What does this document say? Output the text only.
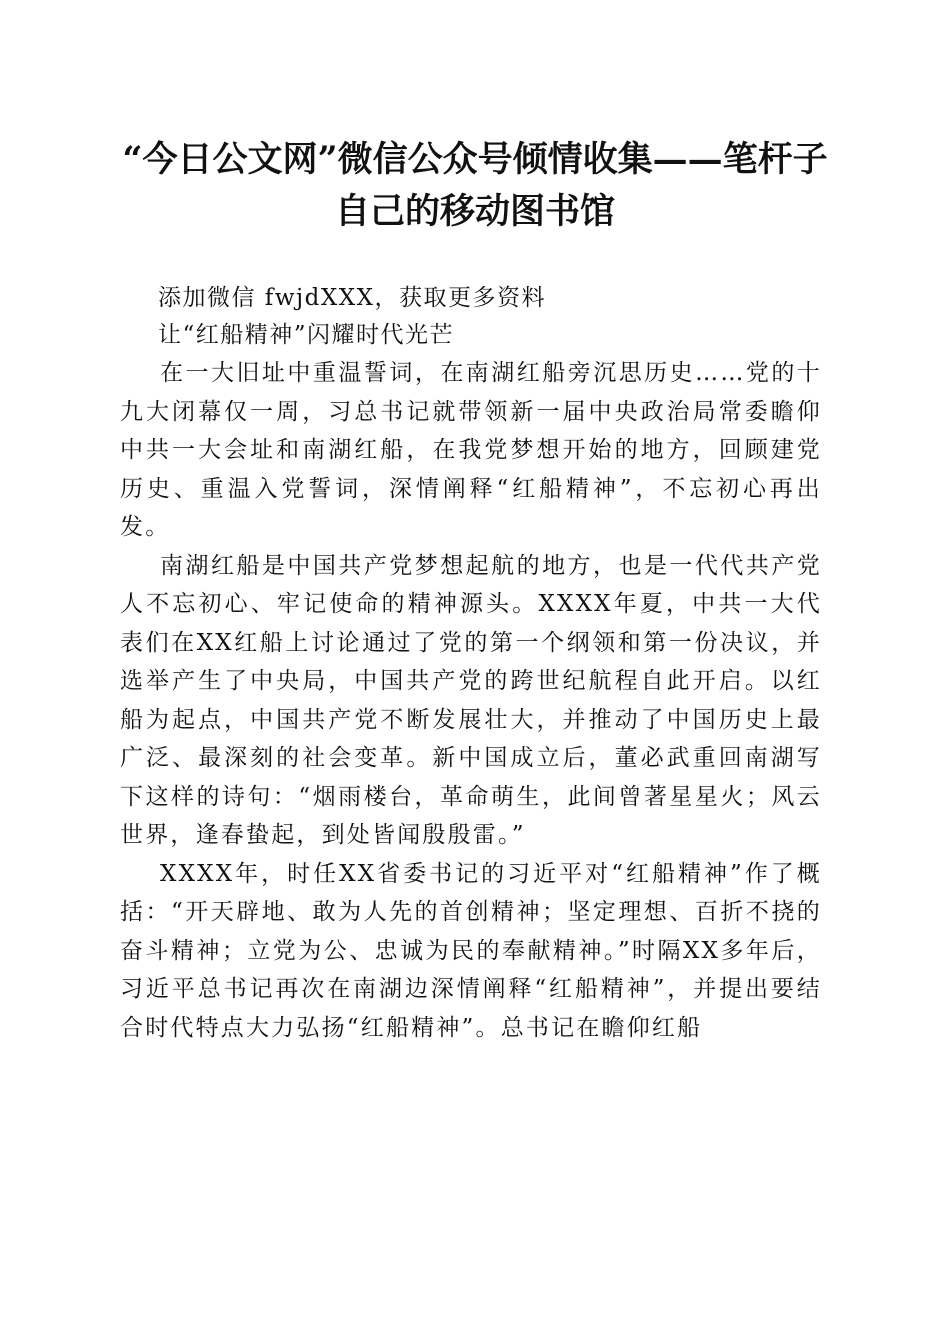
“今日公文网”微信公众号倾情收集——笔杆子自己的移动图书馆

添加微信 fwjdXXX，获取更多资料

让“红船精神”闪耀时代光芒

在一大旧址中重温誓词，在南湖红船旁沉思历史……党的十九大闭幕仅一周，习总书记就带领新一届中央政治局常委瞻仰中共一大会址和南湖红船，在我党梦想开始的地方，回顾建党历史、重温入党誓词，深情阐释“红船精神”，不忘初心再出发。

南湖红船是中国共产党梦想起航的地方，也是一代代共产党人不忘初心、牢记使命的精神源头。XXXX年夏，中共一大代表们在XX红船上讨论通过了党的第一个纲领和第一份决议，并选举产生了中央局，中国共产党的跨世纪航程自此开启。以红船为起点，中国共产党不断发展壮大，并推动了中国历史上最广泛、最深刻的社会变革。新中国成立后，董必武重回南湖写下这样的诗句：“烟雨楼台，革命萌生，此间曾著星星火；风云世界，逢春蛰起，到处皆闻殷殷雷。”

XXXX年，时任XX省委书记的习近平对“红船精神”作了概括：“开天辟地、敢为人先的首创精神；坚定理想、百折不挠的奋斗精神；立党为公、忠诚为民的奉献精神。”时隔XX多年后，习近平总书记再次在南湖边深情阐释“红船精神”，并提出要结合时代特点大力弘扬“红船精神”。总书记在瞻仰红船
